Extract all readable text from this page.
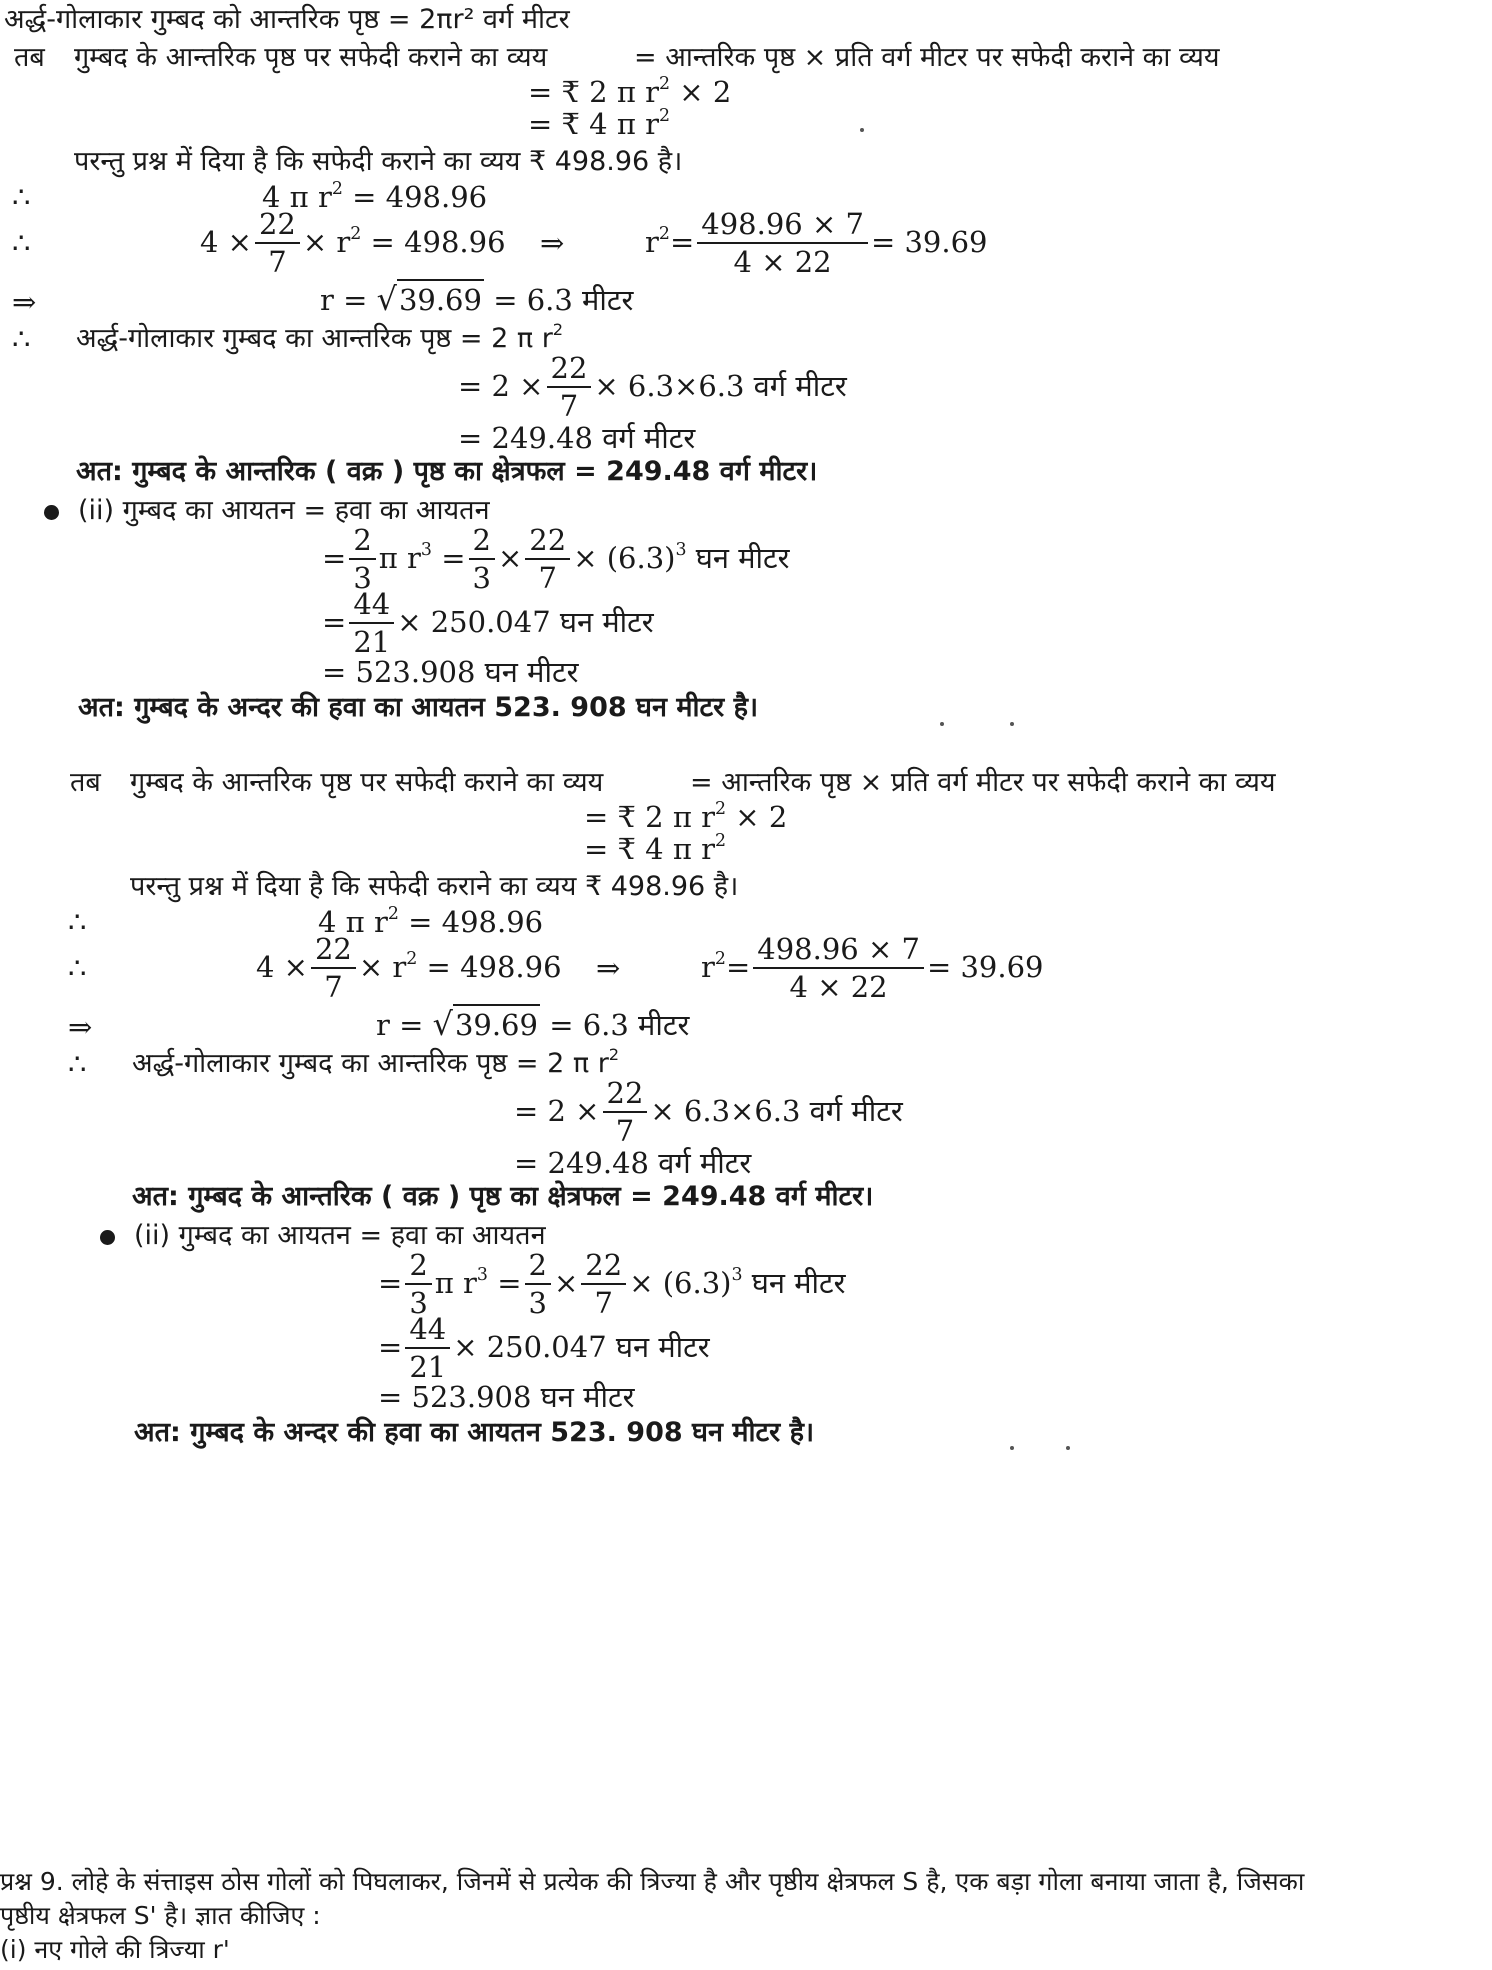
अर्द्ध-गोलाकार गुम्बद को आन्तरिक पृष्ठ = 2πr² वर्ग मीटर
तब गुम्बद के आन्तरिक पृष्ठ पर सफेदी कराने का व्यय	= आन्तरिक पृष्ठ × प्रति वर्ग मीटर पर सफेदी कराने का व्यय
= ₹ 2 π $r^2 \times 2$
= ₹ 4 π $r^2$
परन्तु प्रश्न में दिया है कि सफेदी कराने का व्यय ₹ 498.96 है।
∴	4 π $r^2 = 498.96$
∴	$4 \times \frac{22}{7} \times r^2 = 498.96$ ⇒	$r^2= \frac{498.96 \times 7}{4 \times 22} = 39.69$
⇒	r = √39.69 = 6.3 मीटर
∴ अर्द्ध-गोलाकार गुम्बद का आन्तरिक पृष्ठ = 2 π $r^2$
= $2 \times \frac{22}{7} \times 6.3\times 6.3$ वर्ग मीटर
= 249.48 वर्ग मीटर
अत: गुम्बद के आन्तरिक ( वक्र ) पृष्ठ का क्षेत्रफल = 249.48 वर्ग मीटर।
(ii) गुम्बद का आयतन = हवा का आयतन
= $\frac{2}{3}$ π $r^3 = \frac{2}{3} \times \frac{22}{7} \times (6.3)^3$ घन मीटर
= $\frac{44}{21} \times 250.047$ घन मीटर
= 523.908 घन मीटर
अत: गुम्बद के अन्दर की हवा का आयतन 523. 908 घन मीटर है।
तब गुम्बद के आन्तरिक पृष्ठ पर सफेदी कराने का व्यय	= आन्तरिक पृष्ठ × प्रति वर्ग मीटर पर सफेदी कराने का व्यय
= ₹ 2 π $r^2 \times 2$
= ₹ 4 π $r^2$
परन्तु प्रश्न में दिया है कि सफेदी कराने का व्यय ₹ 498.96 है।
∴	4 π $r^2 = 498.96$
∴	$4 \times \frac{22}{7} \times r^2 = 498.96$ ⇒	$r^2= \frac{498.96 \times 7}{4 \times 22} = 39.69$
⇒	r = √39.69 = 6.3 मीटर
∴ अर्द्ध-गोलाकार गुम्बद का आन्तरिक पृष्ठ = 2 π $r^2$
= $2 \times \frac{22}{7} \times 6.3\times 6.3$ वर्ग मीटर
= 249.48 वर्ग मीटर
अत: गुम्बद के आन्तरिक ( वक्र ) पृष्ठ का क्षेत्रफल = 249.48 वर्ग मीटर।
(ii) गुम्बद का आयतन = हवा का आयतन
= $\frac{2}{3}$ π $r^3 = \frac{2}{3} \times \frac{22}{7} \times (6.3)^3$ घन मीटर
= $\frac{44}{21} \times 250.047$ घन मीटर
= 523.908 घन मीटर
अत: गुम्बद के अन्दर की हवा का आयतन 523. 908 घन मीटर है।
प्रश्न 9. लोहे के संत्ताइस ठोस गोलों को पिघलाकर, जिनमें से प्रत्येक की त्रिज्या है और पृष्ठीय क्षेत्रफल S है, एक बड़ा गोला बनाया जाता है, जिसका
पृष्ठीय क्षेत्रफल S' है। ज्ञात कीजिए :
(i) नए गोले की त्रिज्या r'
